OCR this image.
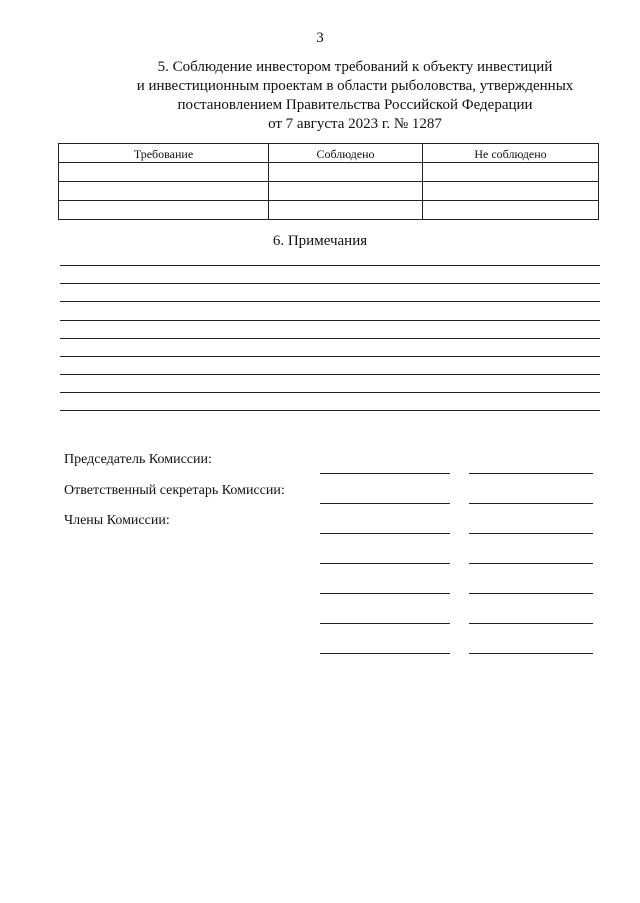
3
5. Соблюдение инвестором требований к объекту инвестиций
и инвестиционным проектам в области рыболовства, утвержденных
постановлением Правительства Российской Федерации
от 7 августа 2023 г. № 1287
Требование	Соблюдено	Не соблюдено

6. Примечания
Председатель Комиссии:
Ответственный секретарь Комиссии:
Члены Комиссии:
